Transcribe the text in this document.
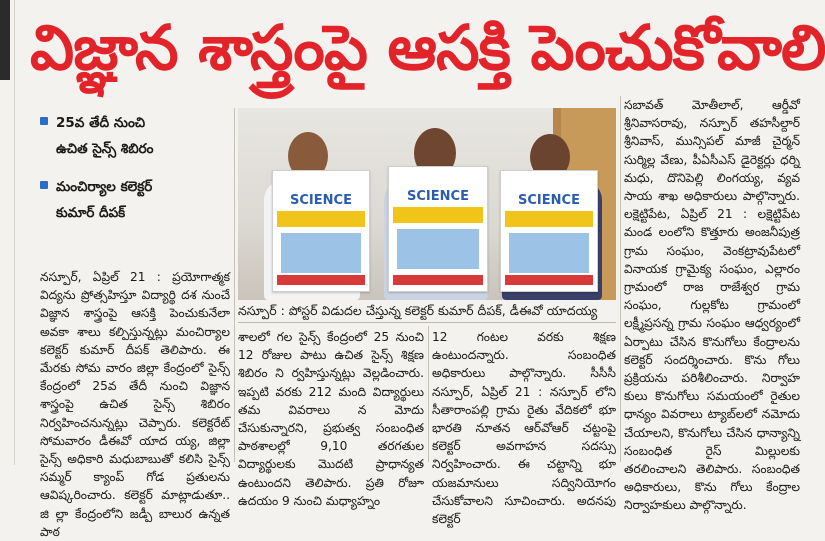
విజ్ఞాన శాస్త్రంపై ఆసక్తి పెంచుకోవాలి
25వ తేదీ నుంచి
ఉచిత సైన్స్ శిబిరం
మంచిర్యాల కలెక్టర్
కుమార్ దీపక్
SCIENCE	SCIENCE	SCIENCE
నస్పూర్ : పోస్టర్ విడుదల చేస్తున్న కలెక్టర్ కుమార్ దీపక్, డీఈవో యాదయ్య

నస్పూర్, ఏప్రిల్ 21 : ప్రయోగాత్మక విద్యను ప్రోత్సహిస్తూ విద్యార్థి దశ నుంచే విజ్ఞాన శాస్త్రంపై ఆసక్తి పెంచుకునేలా అవకా శాలు కల్పిస్తున్నట్లు మంచిర్యాల కలెక్టర్ కుమార్ దీపక్ తెలిపారు. ఈ మేరకు సోమ వారం జిల్లా కేంద్రంలో సైన్స్ కేంద్రంలో 25వ తేదీ నుంచి విజ్ఞాన శాస్త్రంపై ఉచిత సైన్స్ శిబిరం నిర్వహించనున్నట్లు చెప్పారు. కలెక్టరేట్ సోమవారం డీఈవో యాద య్య, జిల్లా సైన్స్ అధికారి మధుబాబుతో కలిసి సైన్స్ సమ్మర్ క్యాంప్ గోడ ప్రతులను ఆవిష్కరించారు. కలెక్టర్ మాట్లాడుతూ.. జి ల్లా కేంద్రంలోని జడ్పీ బాలుర ఉన్నత పాఠ

శాలలో గల సైన్స్ కేంద్రంలో 25 నుంచి 12 రోజుల పాటు ఉచిత సైన్స్ శిక్షణ శిబిరం ని ర్వహిస్తున్నట్లు వెల్లడించారు. ఇప్పటి వరకు 212 మంది విద్యార్థులు తమ వివరాలు న మోదు చేసుకున్నారని, ప్రభుత్వ సంబంధిత పాఠశాలల్లో 9,10 తరగతుల విద్యార్థులకు మొదటి ప్రాధాన్యత ఉంటుందని తెలిపారు. ప్రతి రోజూ ఉదయం 9 నుంచి మధ్యాహ్నం

12 గంటల వరకు శిక్షణ ఉంటుందన్నారు. సంబంధిత అధికారులు పాల్గొన్నారు. సీసీసీ నస్పూర్, ఏప్రిల్ 21 : నస్పూర్ లోని సీతారాంపల్లి గ్రామ రైతు వేదికలో భూ భారతి నూతన ఆర్‌వోఆర్ చట్టంపై కలెక్టర్ అవగాహన సదస్సు నిర్వహించారు. ఈ చట్టాన్ని భూ యజమానులు సద్వినియోగం చేసుకోవాలని సూచించారు. అదనపు కలెక్టర్

సబావత్ మోతీలాల్, ఆర్డీవో శ్రీనివాసరావు, నస్పూర్ తహసీల్దార్ శ్రీనివాస్, మున్సిపల్ మాజీ చైర్మన్ సుర్మిల్ల వేణు, పీఏసీఎస్ డైరెక్టర్లు ధర్ని మధు, దొనిపెల్లి లింగయ్య, వ్యవ సాయ శాఖ అధికారులు పాల్గొన్నారు. లక్షెట్టిపేట, ఏప్రిల్ 21 : లక్షెట్టిపేట మండ లంలోని కొత్తూరు అంజనీపుత్ర గ్రామ సంఘం, వెంకట్రావుపేటలో వినాయక గ్రామైక్య సంఘం, ఎల్లారం గ్రామంలో రాజ రాజేశ్వర గ్రామ సంఘం, గుల్లకోట గ్రామంలో లక్ష్మీప్రసన్న గ్రామ సంఘం ఆధ్వర్యంలో ఏర్పాటు చేసిన కొనుగోలు కేంద్రాలను కలెక్టర్ సందర్శించారు. కొను గోలు ప్రక్రియను పరిశీలించారు. నిర్వాహ కులు కొనుగోలు సమయంలో రైతుల ధాన్యం వివరాలు ట్యాబ్‌లలో నమోదు చేయాలని, కొనుగోలు చేసిన ధాన్యాన్ని సంబంధిత రైస్ మిల్లులకు తరలించాలని తెలిపారు. సంబంధిత అధికారులు, కొను గోలు కేంద్రాల నిర్వాహకులు పాల్గొన్నారు.
